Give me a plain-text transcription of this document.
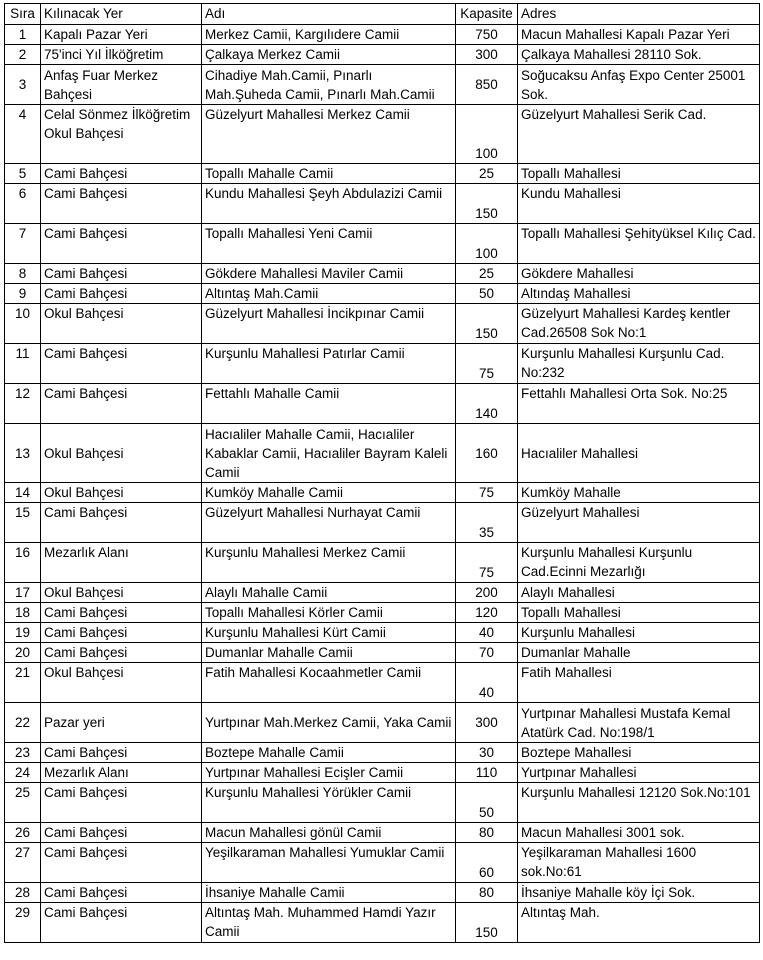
Sıra	Kılınacak Yer	Adı	Kapasite	Adres
1	Kapalı Pazar Yeri	Merkez Camii, Kargılıdere Camii	750	Macun Mahallesi Kapalı Pazar Yeri
2	75'inci Yıl İlköğretim	Çalkaya Merkez Camii	300	Çalkaya Mahallesi 28110 Sok.
3	Anfaş Fuar Merkez Bahçesi	Cihadiye Mah.Camii, Pınarlı Mah.Şuheda Camii, Pınarlı Mah.Camii	850	Soğucaksu Anfaş Expo Center 25001 Sok.
4	Celal Sönmez İlköğretim Okul Bahçesi	Güzelyurt Mahallesi Merkez Camii	100	Güzelyurt Mahallesi Serik Cad.
5	Cami Bahçesi	Topallı Mahalle Camii	25	Topallı Mahallesi
6	Cami Bahçesi	Kundu Mahallesi Şeyh Abdulazizi Camii	150	Kundu Mahallesi
7	Cami Bahçesi	Topallı Mahallesi Yeni Camii	100	Topallı Mahallesi Şehityüksel Kılıç Cad.
8	Cami Bahçesi	Gökdere Mahallesi Maviler Camii	25	Gökdere Mahallesi
9	Cami Bahçesi	Altıntaş Mah.Camii	50	Altındaş Mahallesi
10	Okul Bahçesi	Güzelyurt Mahallesi İncikpınar Camii	150	Güzelyurt Mahallesi Kardeş kentler Cad.26508 Sok No:1
11	Cami Bahçesi	Kurşunlu Mahallesi Patırlar Camii	75	Kurşunlu Mahallesi Kurşunlu Cad. No:232
12	Cami Bahçesi	Fettahlı Mahalle Camii	140	Fettahlı Mahallesi Orta Sok. No:25
13	Okul Bahçesi	Hacıaliler Mahalle Camii, Hacıaliler Kabaklar Camii, Hacıaliler Bayram Kaleli Camii	160	Hacıaliler Mahallesi
14	Okul Bahçesi	Kumköy Mahalle Camii	75	Kumköy Mahalle
15	Cami Bahçesi	Güzelyurt Mahallesi Nurhayat Camii	35	Güzelyurt Mahallesi
16	Mezarlık Alanı	Kurşunlu Mahallesi Merkez Camii	75	Kurşunlu Mahallesi Kurşunlu Cad.Ecinni Mezarlığı
17	Okul Bahçesi	Alaylı Mahalle Camii	200	Alaylı Mahallesi
18	Cami Bahçesi	Topallı Mahallesi Körler Camii	120	Topallı Mahallesi
19	Cami Bahçesi	Kurşunlu Mahallesi Kürt Camii	40	Kurşunlu Mahallesi
20	Cami Bahçesi	Dumanlar Mahalle Camii	70	Dumanlar Mahalle
21	Okul Bahçesi	Fatih Mahallesi Kocaahmetler Camii	40	Fatih Mahallesi
22	Pazar yeri	Yurtpınar Mah.Merkez Camii, Yaka Camii	300	Yurtpınar Mahallesi Mustafa Kemal Atatürk Cad. No:198/1
23	Cami Bahçesi	Boztepe Mahalle Camii	30	Boztepe Mahallesi
24	Mezarlık Alanı	Yurtpınar Mahallesi Ecişler Camii	110	Yurtpınar Mahallesi
25	Cami Bahçesi	Kurşunlu Mahallesi Yörükler Camii	50	Kurşunlu Mahallesi 12120 Sok.No:101
26	Cami Bahçesi	Macun Mahallesi gönül Camii	80	Macun Mahallesi 3001 sok.
27	Cami Bahçesi	Yeşilkaraman Mahallesi Yumuklar Camii	60	Yeşilkaraman Mahallesi 1600 sok.No:61
28	Cami Bahçesi	İhsaniye Mahalle Camii	80	İhsaniye Mahalle köy İçi Sok.
29	Cami Bahçesi	Altıntaş Mah. Muhammed Hamdi Yazır Camii	150	Altıntaş Mah.
